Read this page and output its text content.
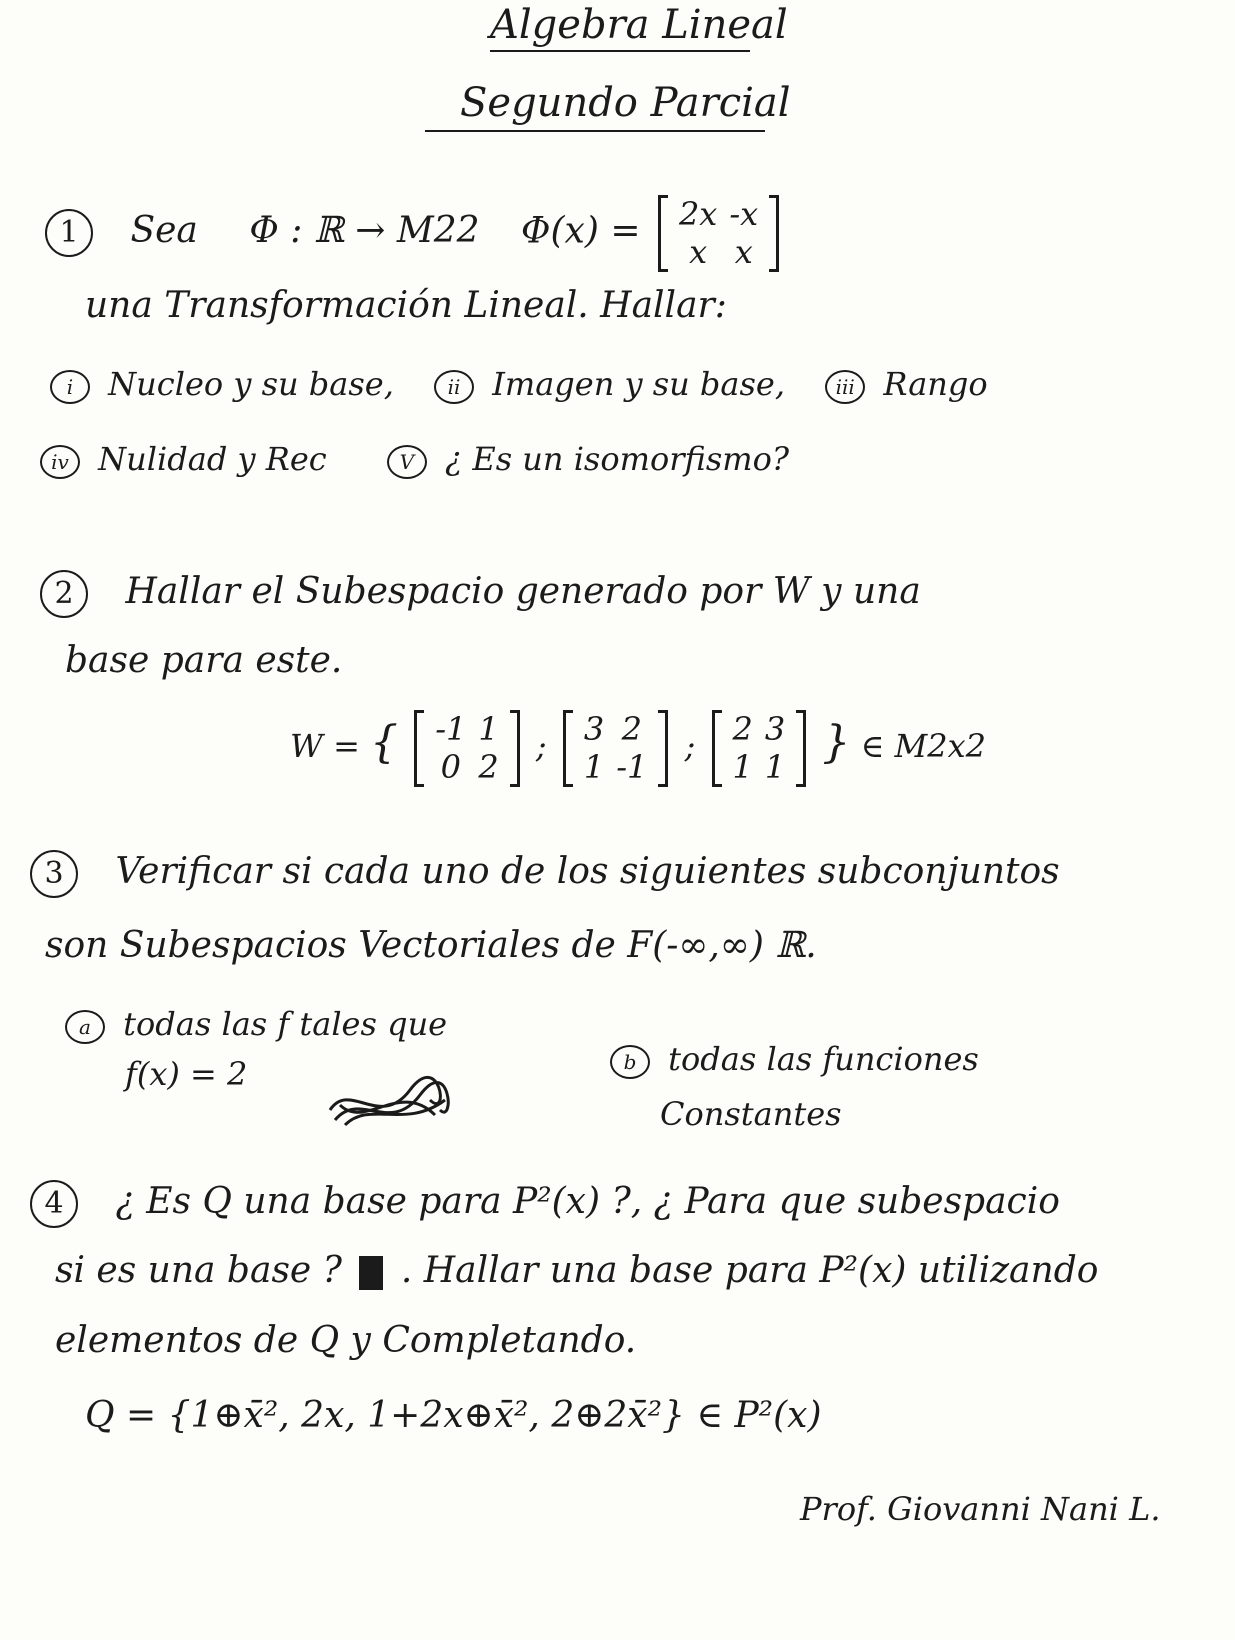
Algebra Lineal
Segundo Parcial
1 Sea Φ : ℝ → M22 Φ(x) = 2x	-x
x	x
una Transformación Lineal. Hallar:
i Nucleo y su base,	ii Imagen y su base,	iii Rango
iv Nulidad y Rec	V ¿ Es un isomorfismo?
2 Hallar el Subespacio generado por W y una
base para este.
W = { -1	1
0	2
; 3	2
1	-1
; 2	3
1	1 } ∈ M2x2
3 Verificar si cada uno de los siguientes subconjuntos
son Subespacios Vectoriales de F(-∞,∞) ℝ.
a todas las f tales que
f(x) = 2	b todas las funciones
Constantes
4 ¿ Es Q una base para P²(x) ?, ¿ Para que subespacio
si es una base ? . Hallar una base para P²(x) utilizando
elementos de Q y Completando.
Q = {1⊕x̄², 2x, 1+2x⊕x̄², 2⊕2x̄²} ∈ P²(x)
Prof. Giovanni Nani L.
